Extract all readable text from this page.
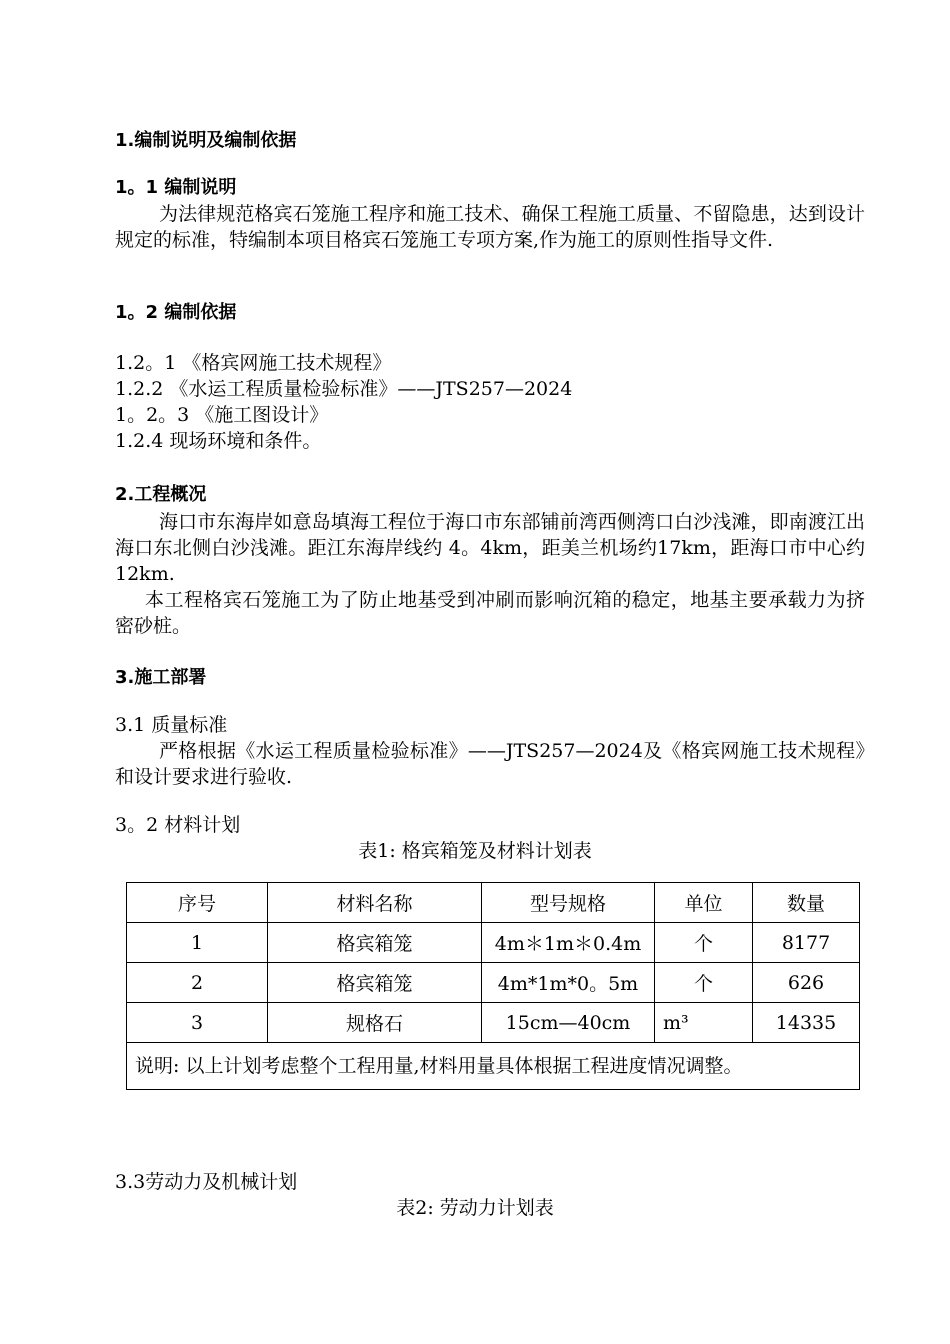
1.编制说明及编制依据
1。1 编制说明
为法律规范格宾石笼施工程序和施工技术、确保工程施工质量、不留隐患，达到设计规定的标准，特编制本项目格宾石笼施工专项方案,作为施工的原则性指导文件.
1。2 编制依据
1.2。1 《格宾网施工技术规程》
1.2.2 《水运工程质量检验标准》——JTS257—2024
1。2。3 《施工图设计》
1.2.4 现场环境和条件。
2.工程概况
海口市东海岸如意岛填海工程位于海口市东部铺前湾西侧湾口白沙浅滩，即南渡江出海口东北侧白沙浅滩。距江东海岸线约 4。4km，距美兰机场约17km，距海口市中心约12km.
本工程格宾石笼施工为了防止地基受到冲刷而影响沉箱的稳定，地基主要承载力为挤密砂桩。
3.施工部署
3.1 质量标准
严格根据《水运工程质量检验标准》——JTS257—2024及《格宾网施工技术规程》和设计要求进行验收.
3。2 材料计划
表1: 格宾箱笼及材料计划表
序号	材料名称	型号规格	单位	数量
1	格宾箱笼	4m＊1m＊0.4m	个	8177
2	格宾箱笼	4m*1m*0。5m	个	626
3	规格石	15cm—40cm	m³	14335
说明: 以上计划考虑整个工程用量,材料用量具体根据工程进度情况调整。				
3.3劳动力及机械计划
表2: 劳动力计划表
